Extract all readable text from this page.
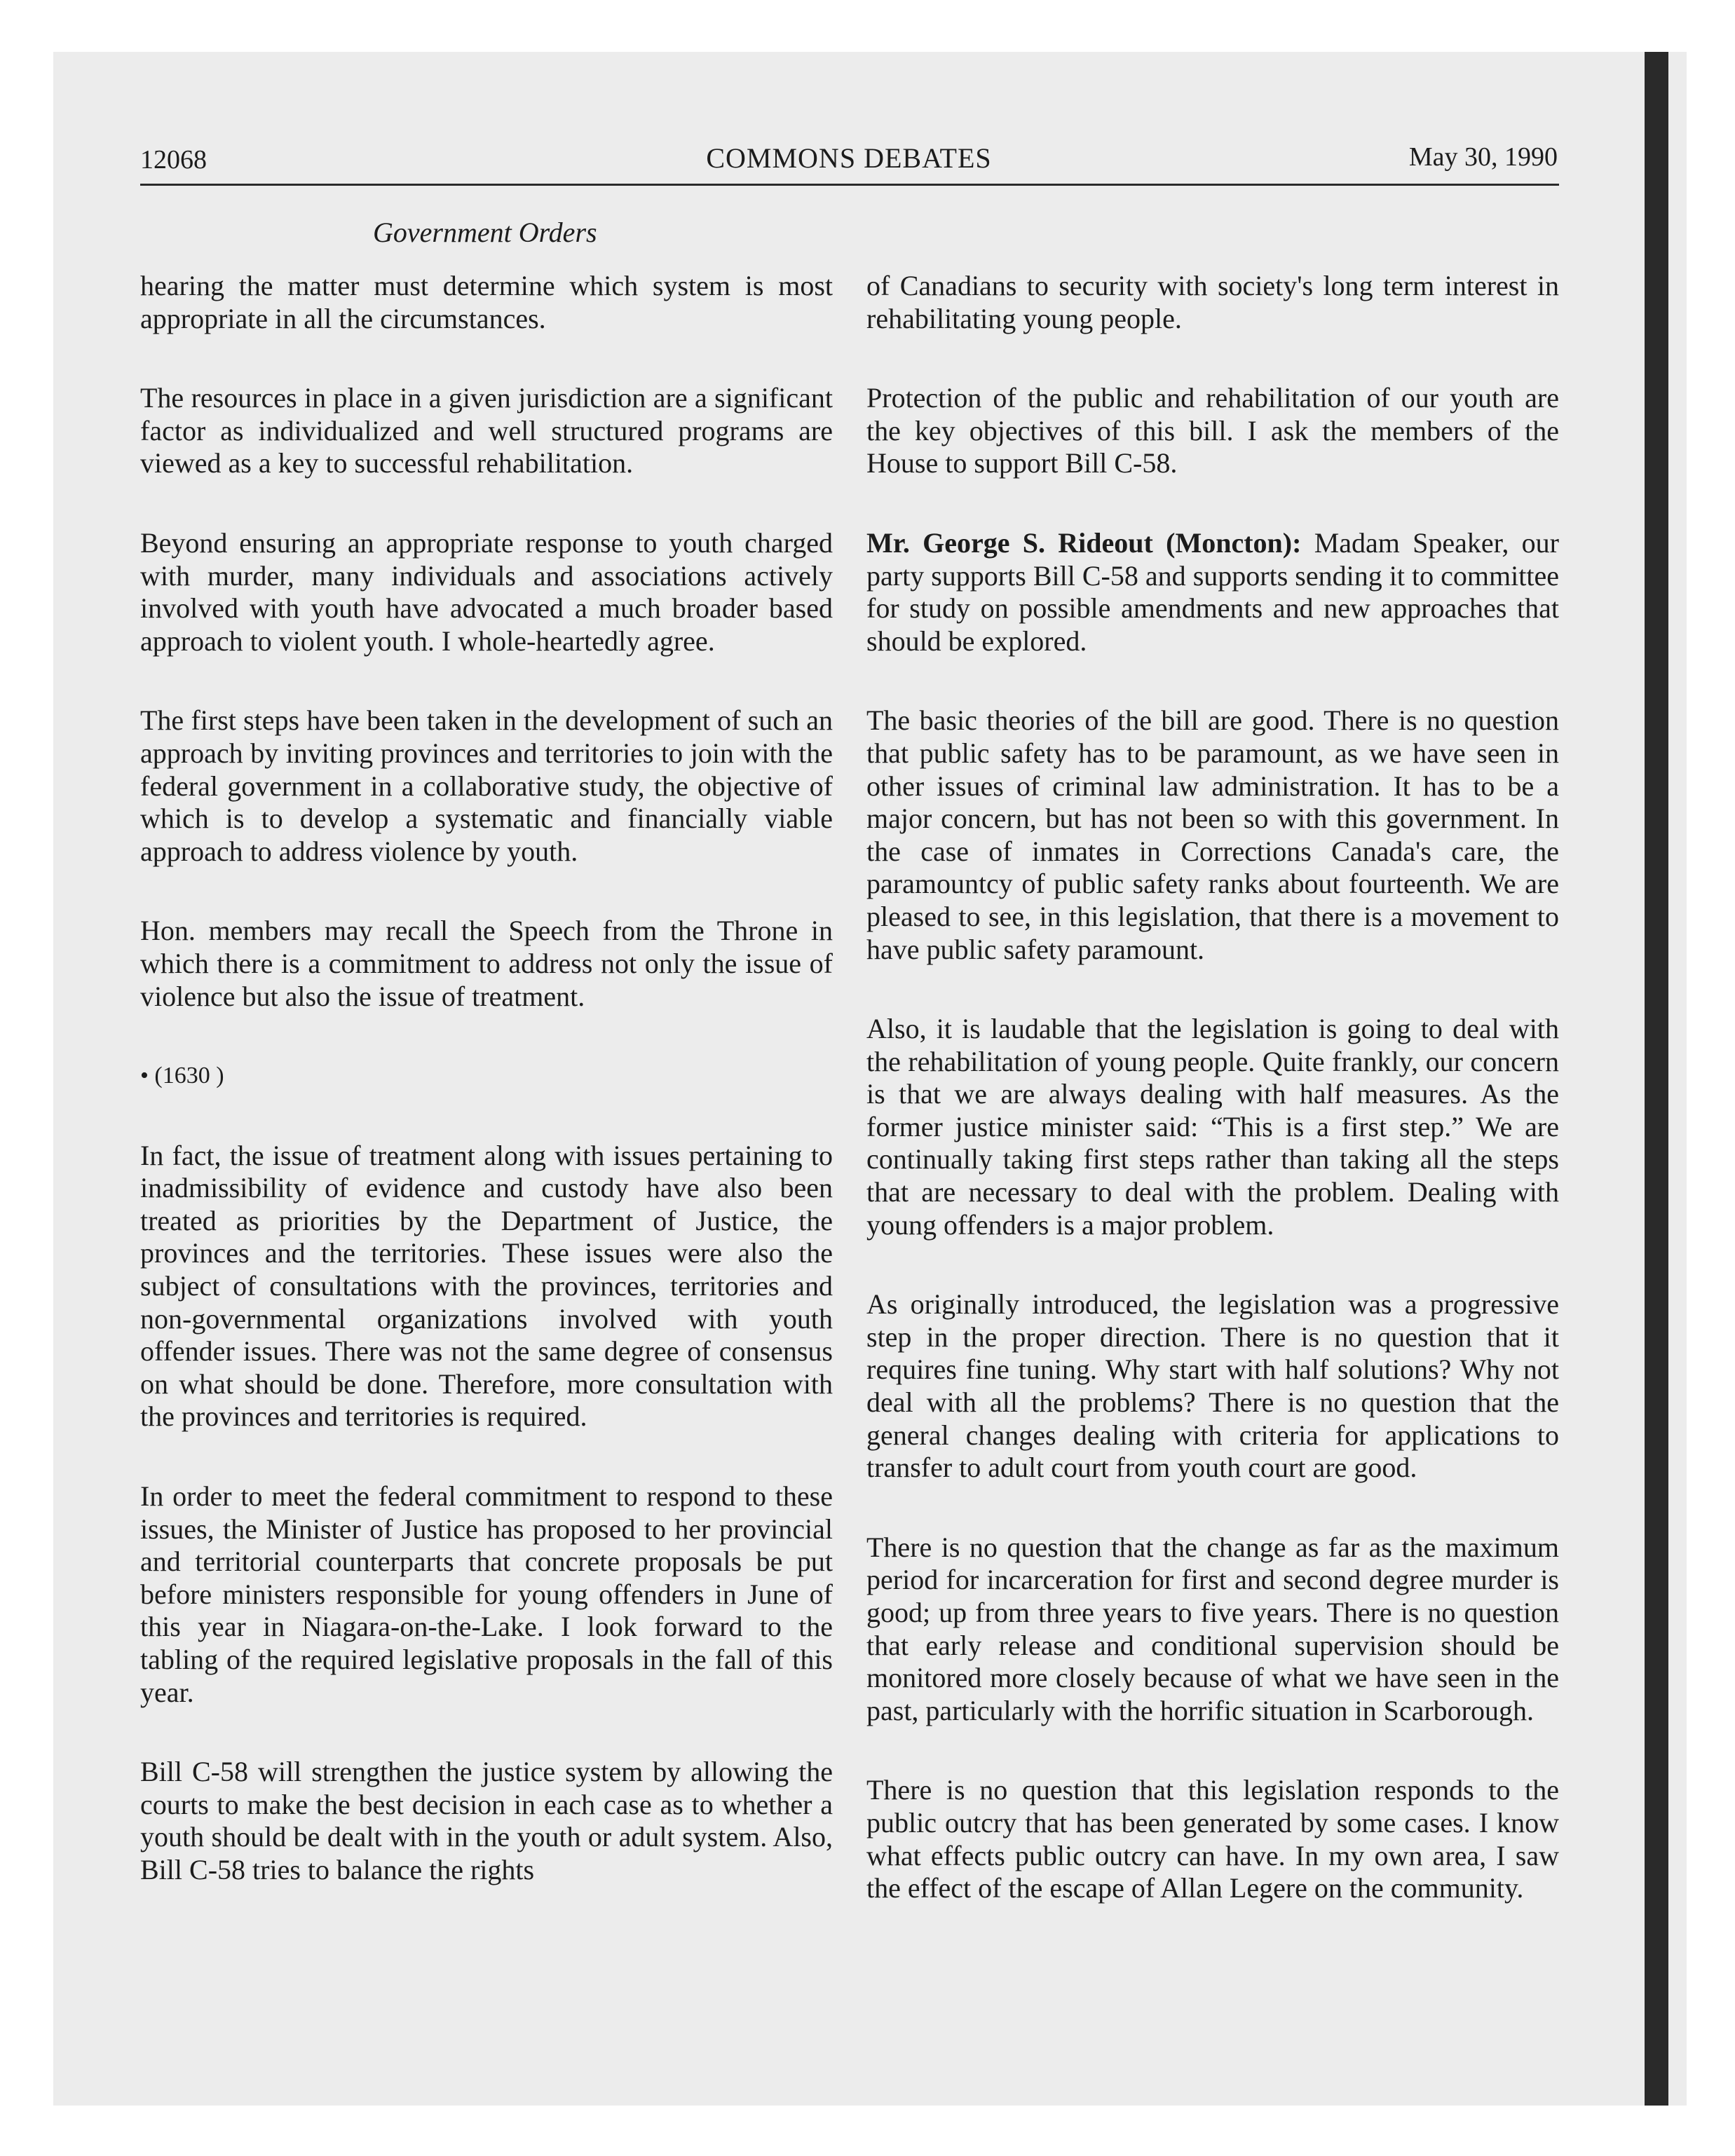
12068	COMMONS DEBATES	May 30, 1990
Government Orders

hearing the matter must determine which system is most appropriate in all the circumstances.

The resources in place in a given jurisdiction are a significant factor as individualized and well structured programs are viewed as a key to successful rehabilitation.

Beyond ensuring an appropriate response to youth charged with murder, many individuals and associations actively involved with youth have advocated a much broader based approach to violent youth. I whole-heartedly agree.

The first steps have been taken in the development of such an approach by inviting provinces and territories to join with the federal government in a collaborative study, the objective of which is to develop a systematic and financially viable approach to address violence by youth.

Hon. members may recall the Speech from the Throne in which there is a commitment to address not only the issue of violence but also the issue of treatment.

• (1630 )

In fact, the issue of treatment along with issues pertaining to inadmissibility of evidence and custody have also been treated as priorities by the Department of Justice, the provinces and the territories. These issues were also the subject of consultations with the provinces, territories and non-governmental organizations involved with youth offender issues. There was not the same degree of consensus on what should be done. Therefore, more consultation with the provinces and territories is required.

In order to meet the federal commitment to respond to these issues, the Minister of Justice has proposed to her provincial and territorial counterparts that concrete proposals be put before ministers responsible for young offenders in June of this year in Niagara-on-the-Lake. I look forward to the tabling of the required legislative proposals in the fall of this year.

Bill C-58 will strengthen the justice system by allowing the courts to make the best decision in each case as to whether a youth should be dealt with in the youth or adult system. Also, Bill C-58 tries to balance the rights

of Canadians to security with society's long term interest in rehabilitating young people.

Protection of the public and rehabilitation of our youth are the key objectives of this bill. I ask the members of the House to support Bill C-58.

Mr. George S. Rideout (Moncton): Madam Speaker, our party supports Bill C-58 and supports sending it to committee for study on possible amendments and new approaches that should be explored.

The basic theories of the bill are good. There is no question that public safety has to be paramount, as we have seen in other issues of criminal law administration. It has to be a major concern, but has not been so with this government. In the case of inmates in Corrections Canada's care, the paramountcy of public safety ranks about fourteenth. We are pleased to see, in this legislation, that there is a movement to have public safety paramount.

Also, it is laudable that the legislation is going to deal with the rehabilitation of young people. Quite frankly, our concern is that we are always dealing with half measures. As the former justice minister said: “This is a first step.” We are continually taking first steps rather than taking all the steps that are necessary to deal with the problem. Dealing with young offenders is a major problem.

As originally introduced, the legislation was a progressive step in the proper direction. There is no question that it requires fine tuning. Why start with half solutions? Why not deal with all the problems? There is no question that the general changes dealing with criteria for applications to transfer to adult court from youth court are good.

There is no question that the change as far as the maximum period for incarceration for first and second degree murder is good; up from three years to five years. There is no question that early release and conditional supervision should be monitored more closely because of what we have seen in the past, particularly with the horrific situation in Scarborough.

There is no question that this legislation responds to the public outcry that has been generated by some cases. I know what effects public outcry can have. In my own area, I saw the effect of the escape of Allan Legere on the community.
